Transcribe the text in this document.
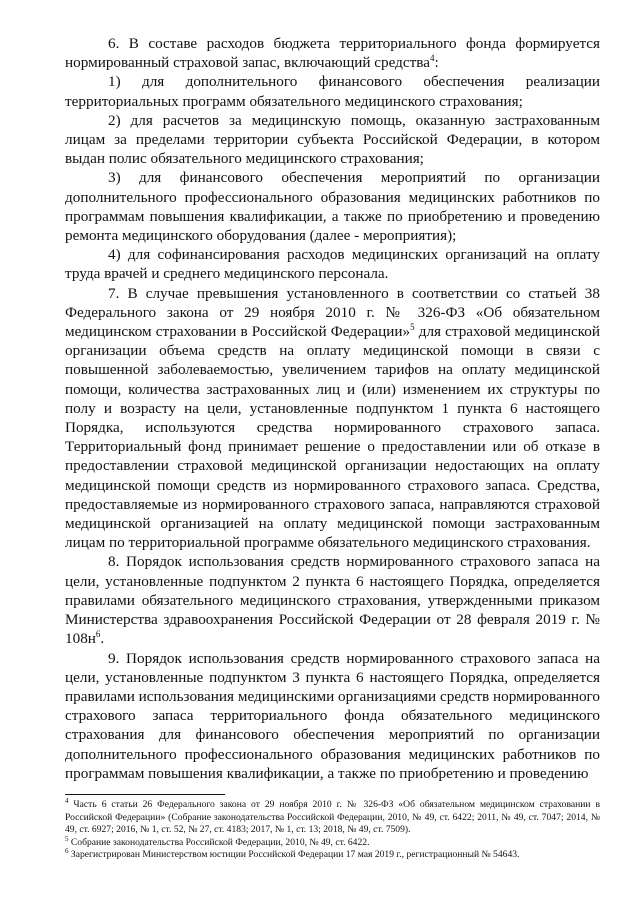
6. В составе расходов бюджета территориального фонда формируется нормированный страховой запас, включающий средства$^4$:

1) для дополнительного финансового обеспечения реализации территориальных программ обязательного медицинского страхования;

2) для расчетов за медицинскую помощь, оказанную застрахованным лицам за пределами территории субъекта Российской Федерации, в котором выдан полис обязательного медицинского страхования;

3) для финансового обеспечения мероприятий по организации дополнительного профессионального образования медицинских работников по программам повышения квалификации, а также по приобретению и проведению ремонта медицинского оборудования (далее - мероприятия);

4) для софинансирования расходов медицинских организаций на оплату труда врачей и среднего медицинского персонала.

7. В случае превышения установленного в соответствии со статьей 38 Федерального закона от 29 ноября 2010 г. № 326-ФЗ «Об обязательном медицинском страховании в Российской Федерации»$^5$ для страховой медицинской организации объема средств на оплату медицинской помощи в связи с повышенной заболеваемостью, увеличением тарифов на оплату медицинской помощи, количества застрахованных лиц и (или) изменением их структуры по полу и возрасту на цели, установленные подпунктом 1 пункта 6 настоящего Порядка, используются средства нормированного страхового запаса. Территориальный фонд принимает решение о предоставлении или об отказе в предоставлении страховой медицинской организации недостающих на оплату медицинской помощи средств из нормированного страхового запаса. Средства, предоставляемые из нормированного страхового запаса, направляются страховой медицинской организацией на оплату медицинской помощи застрахованным лицам по территориальной программе обязательного медицинского страхования.

8. Порядок использования средств нормированного страхового запаса на цели, установленные подпунктом 2 пункта 6 настоящего Порядка, определяется правилами обязательного медицинского страхования, утвержденными приказом Министерства здравоохранения Российской Федерации от 28 февраля 2019 г. № $108н^6$.

9. Порядок использования средств нормированного страхового запаса на цели, установленные подпунктом 3 пункта 6 настоящего Порядка, определяется правилами использования медицинскими организациями средств нормированного страхового запаса территориального фонда обязательного медицинского страхования для финансового обеспечения мероприятий по организации дополнительного профессионального образования медицинских работников по программам повышения квалификации, а также по приобретению и проведению

$^4$ Часть 6 статьи 26 Федерального закона от 29 ноября 2010 г. № 326-ФЗ «Об обязательном медицинском страховании в Российской Федерации» (Собрание законодательства Российской Федерации, 2010, № 49, ст. 6422; 2011, № 49, ст. 7047; 2014, № 49, ст. 6927; 2016, № 1, ст. 52, № 27, ст. 4183; 2017, № 1, ст. 13; 2018, № 49, ст. 7509).

$^5$ Собрание законодательства Российской Федерации, 2010, № 49, ст. 6422.

$^6$ Зарегистрирован Министерством юстиции Российской Федерации 17 мая 2019 г., регистрационный № 54643.
